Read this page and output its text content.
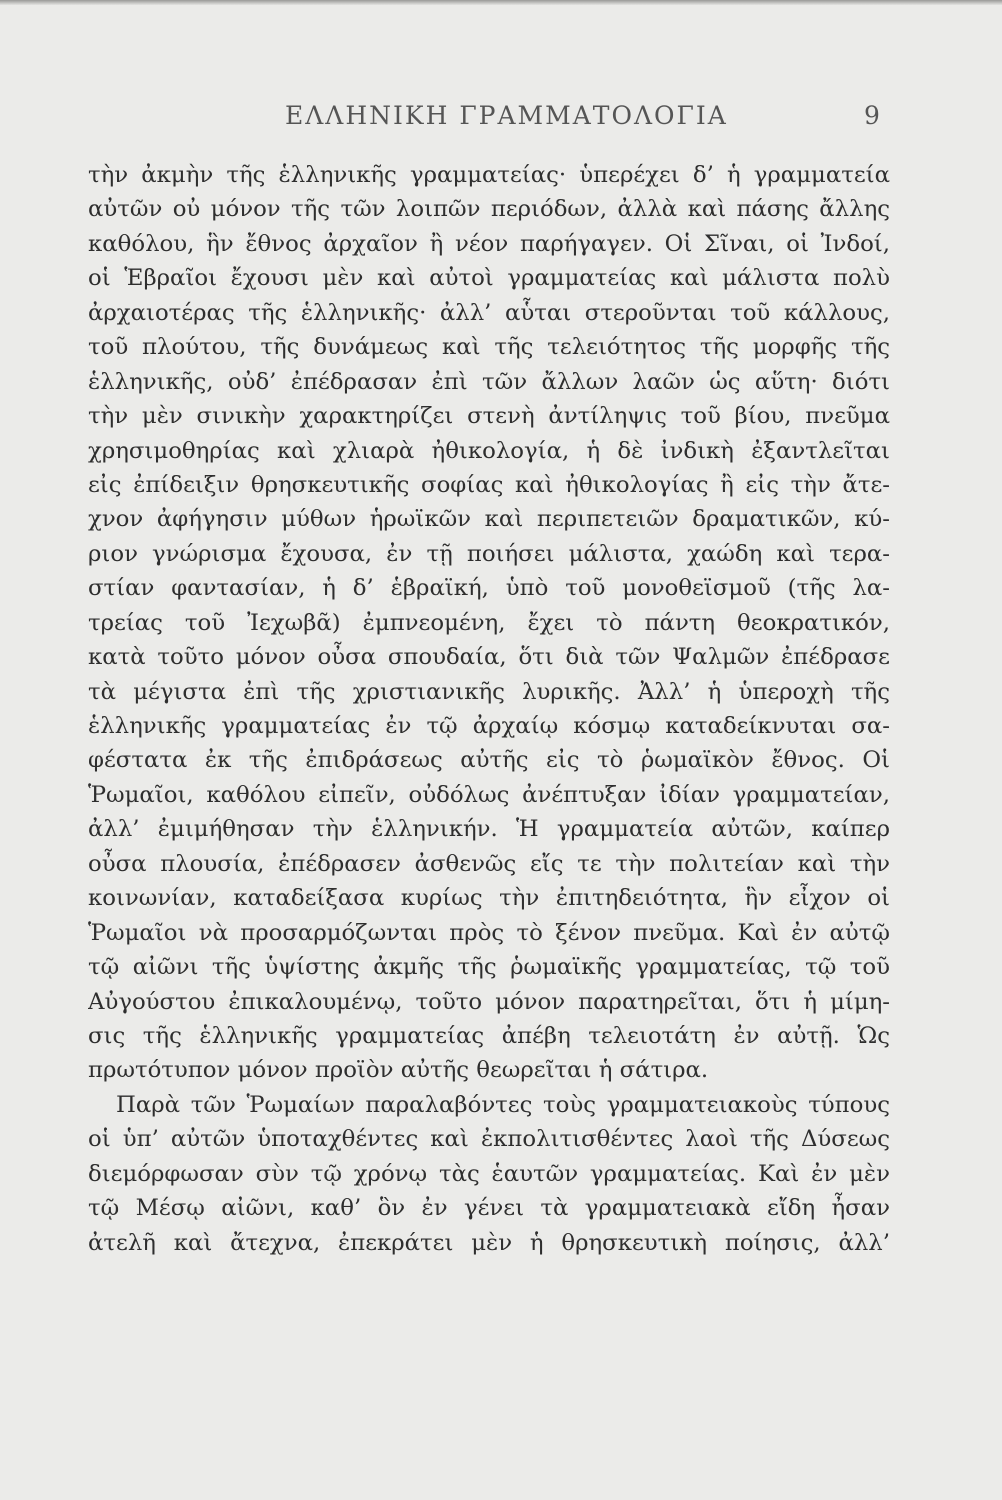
ΕΛΛΗΝΙΚΗ ΓΡΑΜΜΑΤΟΛΟΓΙΑ	9
τὴν ἀκμὴν τῆς ἑλληνικῆς γραμματείας· ὑπερέχει δ’ ἡ γραμματεία
αὐτῶν οὐ μόνον τῆς τῶν λοιπῶν περιόδων, ἀλλὰ καὶ πάσης ἄλλης
καθόλου, ἣν ἔθνος ἀρχαῖον ἢ νέον παρήγαγεν. Οἱ Σῖναι, οἱ Ἰνδοί,
οἱ Ἑβραῖοι ἔχουσι μὲν καὶ αὐτοὶ γραμματείας καὶ μάλιστα πολὺ
ἀρχαιοτέρας τῆς ἑλληνικῆς· ἀλλ’ αὗται στεροῦνται τοῦ κάλλους,
τοῦ πλούτου, τῆς δυνάμεως καὶ τῆς τελειότητος τῆς μορφῆς τῆς
ἑλληνικῆς, οὐδ’ ἐπέδρασαν ἐπὶ τῶν ἄλλων λαῶν ὡς αὕτη· διότι
τὴν μὲν σινικὴν χαρακτηρίζει στενὴ ἀντίληψις τοῦ βίου, πνεῦμα
χρησιμοθηρίας καὶ χλιαρὰ ἠθικολογία, ἡ δὲ ἰνδικὴ ἐξαντλεῖται
εἰς ἐπίδειξιν θρησκευτικῆς σοφίας καὶ ἠθικολογίας ἢ εἰς τὴν ἄτε-
χνον ἀφήγησιν μύθων ἡρωϊκῶν καὶ περιπετειῶν δραματικῶν, κύ-
ριον γνώρισμα ἔχουσα, ἐν τῇ ποιήσει μάλιστα, χαώδη καὶ τερα-
στίαν φαντασίαν, ἡ δ’ ἑβραϊκή, ὑπὸ τοῦ μονοθεϊσμοῦ (τῆς λα-
τρείας τοῦ Ἰεχωβᾶ) ἐμπνεομένη, ἔχει τὸ πάντη θεοκρατικόν,
κατὰ τοῦτο μόνον οὖσα σπουδαία, ὅτι διὰ τῶν Ψαλμῶν ἐπέδρασε
τὰ μέγιστα ἐπὶ τῆς χριστιανικῆς λυρικῆς. Ἀλλ’ ἡ ὑπεροχὴ τῆς
ἑλληνικῆς γραμματείας ἐν τῷ ἀρχαίῳ κόσμῳ καταδείκνυται σα-
φέστατα ἐκ τῆς ἐπιδράσεως αὐτῆς εἰς τὸ ῥωμαϊκὸν ἔθνος. Οἱ
Ῥωμαῖοι, καθόλου εἰπεῖν, οὐδόλως ἀνέπτυξαν ἰδίαν γραμματείαν,
ἀλλ’ ἐμιμήθησαν τὴν ἑλληνικήν. Ἡ γραμματεία αὐτῶν, καίπερ
οὖσα πλουσία, ἐπέδρασεν ἀσθενῶς εἴς τε τὴν πολιτείαν καὶ τὴν
κοινωνίαν, καταδείξασα κυρίως τὴν ἐπιτηδειότητα, ἣν εἶχον οἱ
Ῥωμαῖοι νὰ προσαρμόζωνται πρὸς τὸ ξένον πνεῦμα. Καὶ ἐν αὐτῷ
τῷ αἰῶνι τῆς ὑψίστης ἀκμῆς τῆς ῥωμαϊκῆς γραμματείας, τῷ τοῦ
Αὐγούστου ἐπικαλουμένῳ, τοῦτο μόνον παρατηρεῖται, ὅτι ἡ μίμη-
σις τῆς ἑλληνικῆς γραμματείας ἀπέβη τελειοτάτη ἐν αὐτῇ. Ὡς
πρωτότυπον μόνον προϊὸν αὐτῆς θεωρεῖται ἡ σάτιρα.
Παρὰ τῶν Ῥωμαίων παραλαβόντες τοὺς γραμματειακοὺς τύπους
οἱ ὑπ’ αὐτῶν ὑποταχθέντες καὶ ἐκπολιτισθέντες λαοὶ τῆς Δύσεως
διεμόρφωσαν σὺν τῷ χρόνῳ τὰς ἑαυτῶν γραμματείας. Καὶ ἐν μὲν
τῷ Μέσῳ αἰῶνι, καθ’ ὃν ἐν γένει τὰ γραμματειακὰ εἴδη ἦσαν
ἀτελῆ καὶ ἄτεχνα, ἐπεκράτει μὲν ἡ θρησκευτικὴ ποίησις, ἀλλ’
